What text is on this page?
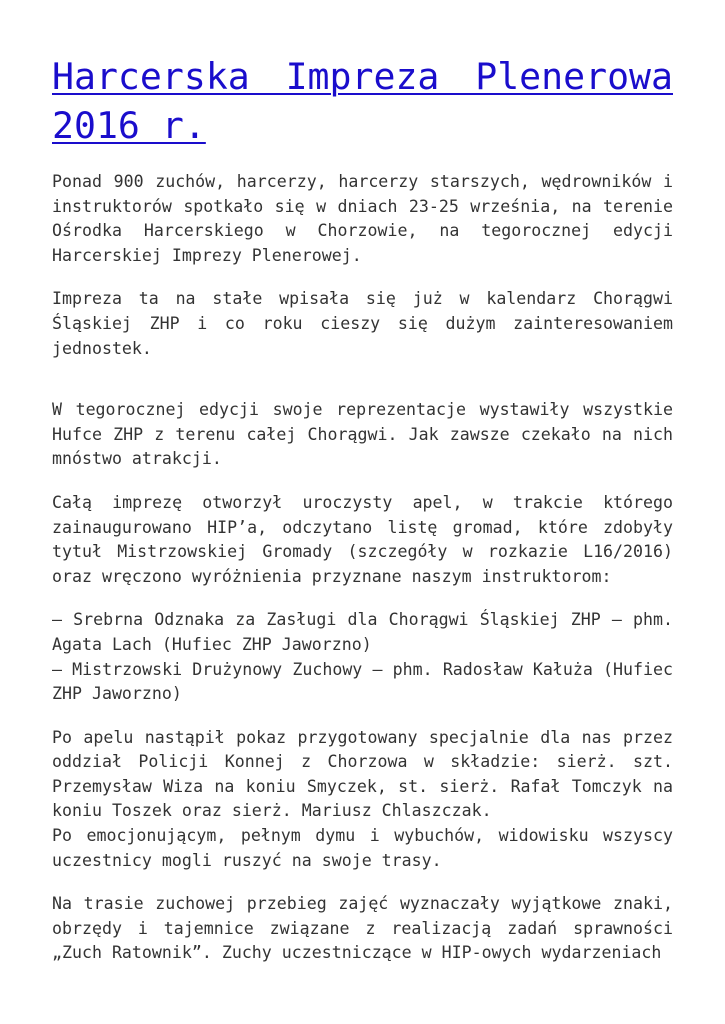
Harcerska Impreza Plenerowa 2016 r.

Ponad 900 zuchów, harcerzy, harcerzy starszych, wędrowników i instruktorów spotkało się w dniach 23-25 września, na terenie Ośrodka Harcerskiego w Chorzowie, na tegorocznej edycji Harcerskiej Imprezy Plenerowej.

Impreza ta na stałe wpisała się już w kalendarz Chorągwi Śląskiej ZHP i co roku cieszy się dużym zainteresowaniem jednostek.

W tegorocznej edycji swoje reprezentacje wystawiły wszystkie Hufce ZHP z terenu całej Chorągwi. Jak zawsze czekało na nich mnóstwo atrakcji.

Całą imprezę otworzył uroczysty apel, w trakcie którego zainaugurowano HIP’a, odczytano listę gromad, które zdobyły tytuł Mistrzowskiej Gromady (szczegóły w rozkazie L16/2016) oraz wręczono wyróżnienia przyznane naszym instruktorom:

– Srebrna Odznaka za Zasługi dla Chorągwi Śląskiej ZHP – phm. Agata Lach (Hufiec ZHP Jaworzno)
– Mistrzowski Drużynowy Zuchowy – phm. Radosław Kałuża (Hufiec ZHP Jaworzno)

Po apelu nastąpił pokaz przygotowany specjalnie dla nas przez oddział Policji Konnej z Chorzowa w składzie: sierż. szt. Przemysław Wiza na koniu Smyczek, st. sierż. Rafał Tomczyk na koniu Toszek oraz sierż. Mariusz Chlaszczak.
Po emocjonującym, pełnym dymu i wybuchów, widowisku wszyscy uczestnicy mogli ruszyć na swoje trasy.

Na trasie zuchowej przebieg zajęć wyznaczały wyjątkowe znaki, obrzędy i tajemnice związane z realizacją zadań sprawności „Zuch Ratownik”. Zuchy uczestniczące w HIP-owych wydarzeniach
